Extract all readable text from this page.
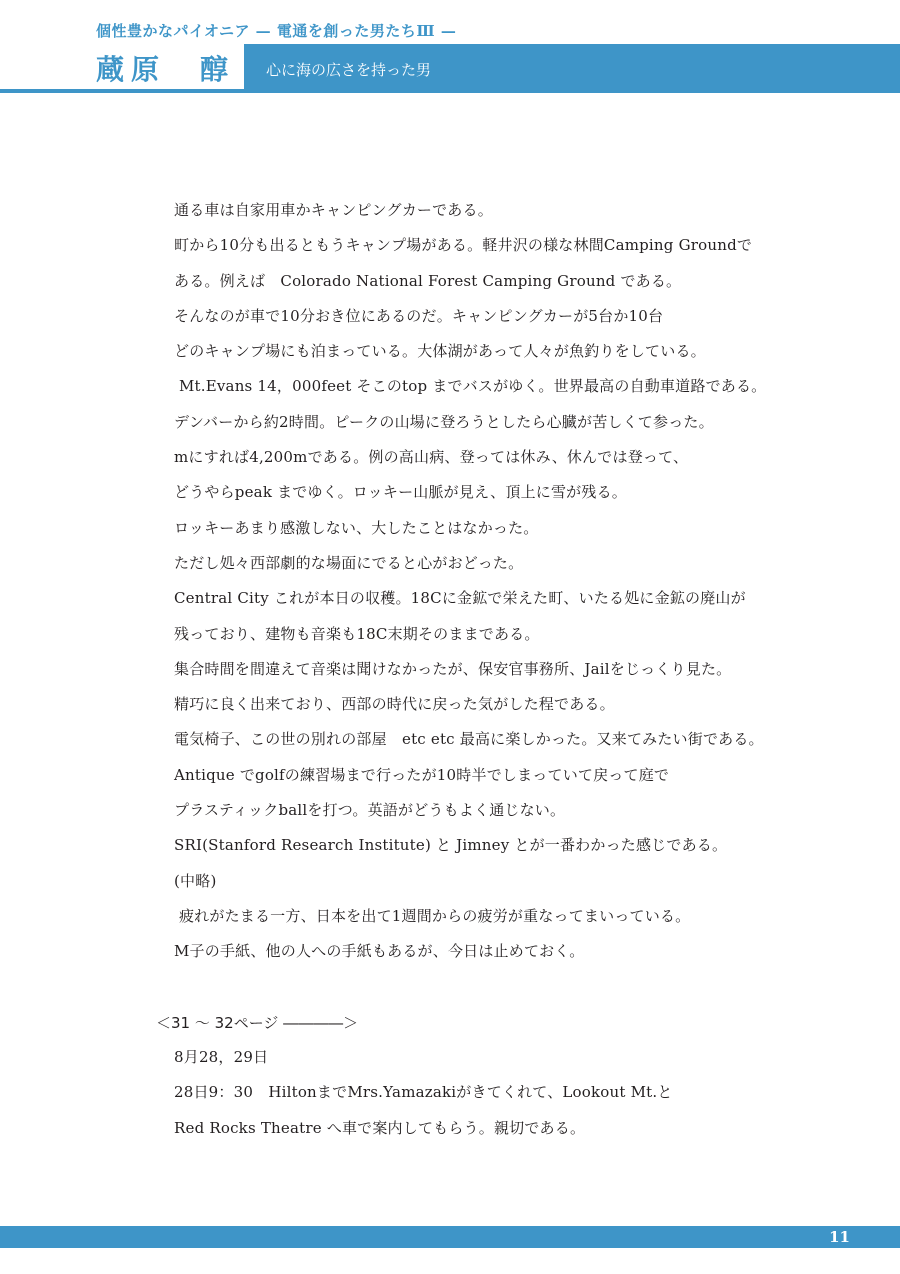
個性豊かなパイオニア — 電通を創った男たちⅢ —
蔵原 醇 心に海の広さを持った男

通る車は自家用車かキャンピングカーである。
町から10分も出るともうキャンプ場がある。軽井沢の様な林間Camping Groundで
ある。例えば　Colorado National Forest Camping Ground である。
そんなのが車で10分おき位にあるのだ。キャンピングカーが5台か10台
どのキャンプ場にも泊まっている。大体湖があって人々が魚釣りをしている。
Mt.Evans 14，000feet そこのtop までバスがゆく。世界最高の自動車道路である。
デンバーから約2時間。ピークの山場に登ろうとしたら心臓が苦しくて参った。
mにすれば4,200mである。例の高山病、登っては休み、休んでは登って、
どうやらpeak までゆく。ロッキー山脈が見え、頂上に雪が残る。
ロッキーあまり感激しない、大したことはなかった。
ただし処々西部劇的な場面にでると心がおどった。
Central City これが本日の収穫。18Cに金鉱で栄えた町、いたる処に金鉱の廃山が
残っており、建物も音楽も18C末期そのままである。
集合時間を間違えて音楽は聞けなかったが、保安官事務所、Jailをじっくり見た。
精巧に良く出来ており、西部の時代に戻った気がした程である。
電気椅子、この世の別れの部屋　etc etc 最高に楽しかった。又来てみたい街である。
Antique でgolfの練習場まで行ったが10時半でしまっていて戻って庭で
プラスティックballを打つ。英語がどうもよく通じない。
SRI(Stanford Research Institute) と Jimney とが一番わかった感じである。
(中略)
疲れがたまる一方、日本を出て1週間からの疲労が重なってまいっている。
M子の手紙、他の人への手紙もあるが、今日は止めておく。
＜31 ～ 32ページ ――――＞
8月28，29日
28日9：30　HiltonまでMrs.Yamazakiがきてくれて、Lookout Mt.と
Red Rocks Theatre へ車で案内してもらう。親切である。
11
